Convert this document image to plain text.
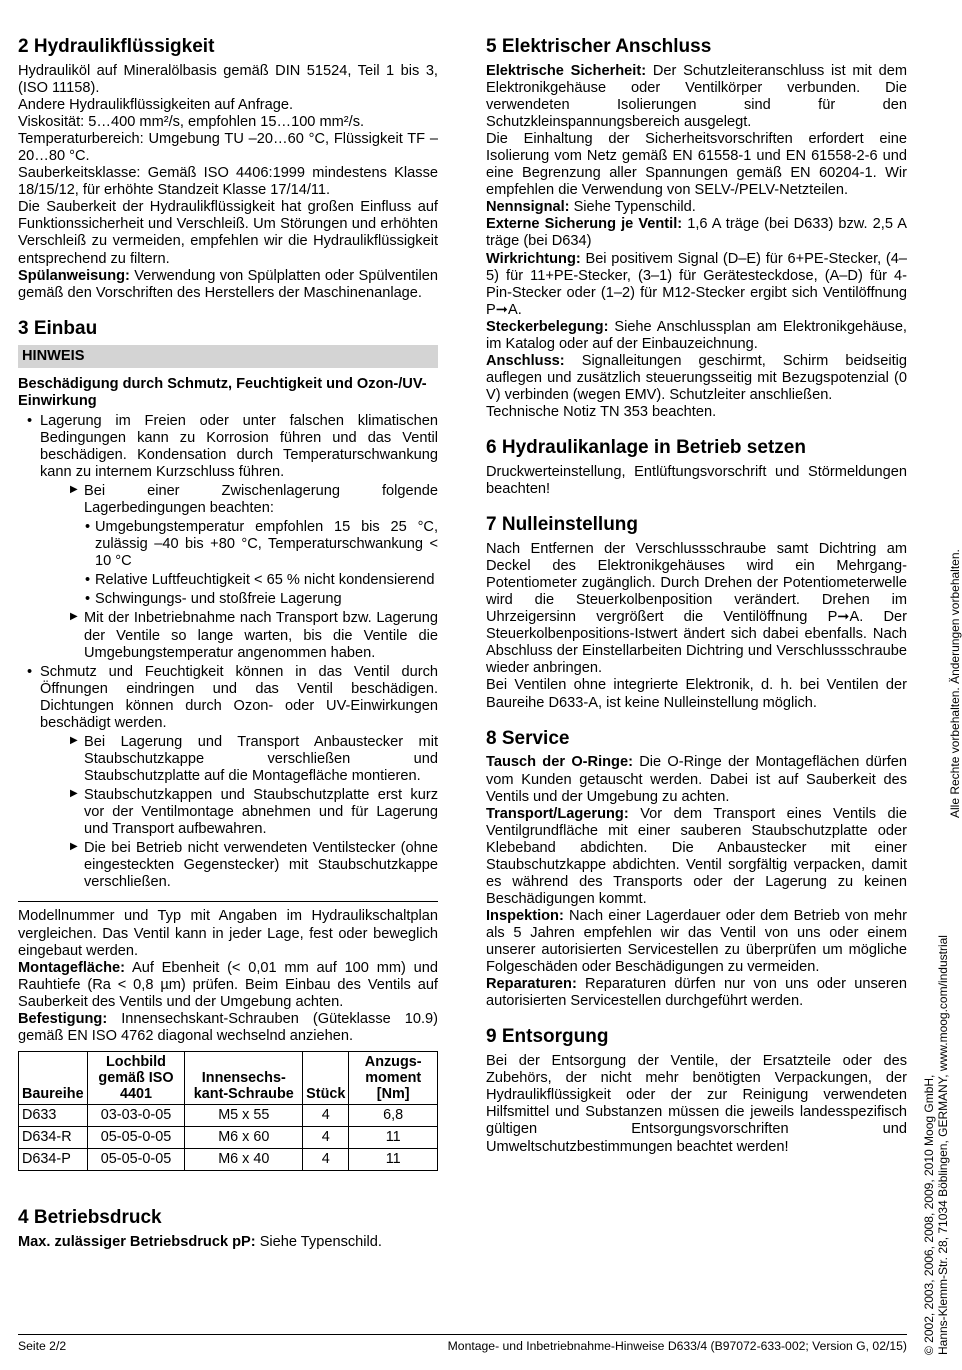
2 Hydraulikflüssigkeit

Hydrauliköl auf Mineralölbasis gemäß DIN 51524, Teil 1 bis 3, (ISO 11158).

Andere Hydraulikflüssigkeiten auf Anfrage.

Viskosität: 5…400 mm²/s, empfohlen 15…100 mm²/s.

Temperaturbereich: Umgebung TU –20…60 °C, Flüssigkeit TF –20…80 °C.

Sauberkeitsklasse: Gemäß ISO 4406:1999 mindestens Klasse 18/15/12, für erhöhte Standzeit Klasse 17/14/11.

Die Sauberkeit der Hydraulikflüssigkeit hat großen Einfluss auf Funktionssicherheit und Verschleiß. Um Störungen und erhöhten Verschleiß zu vermeiden, empfehlen wir die Hydraulikflüssigkeit entsprechend zu filtern.

Spülanweisung: Verwendung von Spülplatten oder Spülventilen gemäß den Vorschriften des Herstellers der Maschinenanlage.

3 Einbau
HINWEIS
Beschädigung durch Schmutz, Feuchtigkeit und Ozon-/UV-Einwirkung
• Lagerung im Freien oder unter falschen klimatischen Bedingungen kann zu Korrosion führen und das Ventil beschädigen. Kondensation durch Temperaturschwankung kann zu internem Kurzschluss führen.
▶ Bei einer Zwischenlagerung folgende Lagerbedingungen beachten:
• Umgebungstemperatur empfohlen 15 bis 25 °C, zulässig –40 bis +80 °C, Temperaturschwankung < 10 °C
• Relative Luftfeuchtigkeit < 65 % nicht kondensierend
• Schwingungs- und stoßfreie Lagerung
▶ Mit der Inbetriebnahme nach Transport bzw. Lagerung der Ventile so lange warten, bis die Ventile die Umgebungstemperatur angenommen haben.
• Schmutz und Feuchtigkeit können in das Ventil durch Öffnungen eindringen und das Ventil beschädigen. Dichtungen können durch Ozon- oder UV-Einwirkungen beschädigt werden.
▶ Bei Lagerung und Transport Anbaustecker mit Staubschutzkappe verschließen und Staubschutzplatte auf die Montagefläche montieren.
▶ Staubschutzkappen und Staubschutzplatte erst kurz vor der Ventilmontage abnehmen und für Lagerung und Transport aufbewahren.
▶ Die bei Betrieb nicht verwendeten Ventilstecker (ohne eingesteckten Gegenstecker) mit Staubschutzkappe verschließen.

Modellnummer und Typ mit Angaben im Hydraulikschaltplan vergleichen. Das Ventil kann in jeder Lage, fest oder beweglich eingebaut werden.

Montagefläche: Auf Ebenheit (< 0,01 mm auf 100 mm) und Rauhtiefe (Ra < 0,8 µm) prüfen. Beim Einbau des Ventils auf Sauberkeit des Ventils und der Umgebung achten.

Befestigung: Innensechskant-Schrauben (Güteklasse 10.9) gemäß EN ISO 4762 diagonal wechselnd anziehen.

Baureihe	Lochbild gemäß ISO 4401	Innensechs-kant-Schraube	Stück	Anzugs-moment [Nm]
D633	03-03-0-05	M5 x 55	4	6,8
D634-R	05-05-0-05	M6 x 60	4	11
D634-P	05-05-0-05	M6 x 40	4	11
4 Betriebsdruck

Max. zulässiger Betriebsdruck pP: Siehe Typenschild.

5 Elektrischer Anschluss

Elektrische Sicherheit: Der Schutzleiteranschluss ist mit dem Elektronikgehäuse oder Ventilkörper verbunden. Die verwendeten Isolierungen sind für den Schutzkleinspannungsbereich ausgelegt.

Die Einhaltung der Sicherheitsvorschriften erfordert eine Isolierung vom Netz gemäß EN 61558-1 und EN 61558-2-6 und eine Begrenzung aller Spannungen gemäß EN 60204-1. Wir empfehlen die Verwendung von SELV-/PELV-Netzteilen.

Nennsignal: Siehe Typenschild.

Externe Sicherung je Ventil: 1,6 A träge (bei D633) bzw. 2,5 A träge (bei D634)

Wirkrichtung: Bei positivem Signal (D–E) für 6+PE-Stecker, (4–5) für 11+PE-Stecker, (3–1) für Gerätesteckdose, (A–D) für 4-Pin-Stecker oder (1–2) für M12-Stecker ergibt sich Ventilöffnung P➞A.

Steckerbelegung: Siehe Anschlussplan am Elektronikgehäuse, im Katalog oder auf der Einbauzeichnung.

Anschluss: Signalleitungen geschirmt, Schirm beidseitig auflegen und zusätzlich steuerungsseitig mit Bezugspotenzial (0 V) verbinden (wegen EMV). Schutzleiter anschließen.

Technische Notiz TN 353 beachten.

6 Hydraulikanlage in Betrieb setzen

Druckwerteinstellung, Entlüftungsvorschrift und Störmeldungen beachten!

7 Nulleinstellung

Nach Entfernen der Verschlussschraube samt Dichtring am Deckel des Elektronikgehäuses wird ein Mehrgang-Potentiometer zugänglich. Durch Drehen der Potentiometerwelle wird die Steuerkolbenposition verändert. Drehen im Uhrzeigersinn vergrößert die Ventilöffnung P➞A. Der Steuerkolbenpositions-Istwert ändert sich dabei ebenfalls. Nach Abschluss der Einstellarbeiten Dichtring und Verschlussschraube wieder anbringen.

Bei Ventilen ohne integrierte Elektronik, d. h. bei Ventilen der Baureihe D633-A, ist keine Nulleinstellung möglich.

8 Service

Tausch der O-Ringe: Die O-Ringe der Montageflächen dürfen vom Kunden getauscht werden. Dabei ist auf Sauberkeit des Ventils und der Umgebung zu achten.

Transport/Lagerung: Vor dem Transport eines Ventils die Ventilgrundfläche mit einer sauberen Staubschutzplatte oder Klebeband abdichten. Die Anbaustecker mit einer Staubschutzkappe abdichten. Ventil sorgfältig verpacken, damit es während des Transports oder der Lagerung zu keinen Beschädigungen kommt.

Inspektion: Nach einer Lagerdauer oder dem Betrieb von mehr als 5 Jahren empfehlen wir das Ventil von uns oder einem unserer autorisierten Servicestellen zu überprüfen um mögliche Folgeschäden oder Beschädigungen zu vermeiden.

Reparaturen: Reparaturen dürfen nur von uns oder unseren autorisierten Servicestellen durchgeführt werden.

9 Entsorgung

Bei der Entsorgung der Ventile, der Ersatzteile oder des Zubehörs, der nicht mehr benötigten Verpackungen, der Hydraulikflüssigkeit oder der zur Reinigung verwendeten Hilfsmittel und Substanzen müssen die jeweils landesspezifisch gültigen Entsorgungsvorschriften und Umweltschutzbestimmungen beachtet werden!

Seite 2/2	Montage- und Inbetriebnahme-Hinweise D633/4 (B97072-633-002; Version G, 02/15) © 2002, 2003, 2006, 2008, 2009, 2010 Moog GmbH, Hanns-Klemm-Str. 28, 71034 Böblingen, GERMANY, www.moog.com/industrial
Alle Rechte vorbehalten. Änderungen vorbehalten.
